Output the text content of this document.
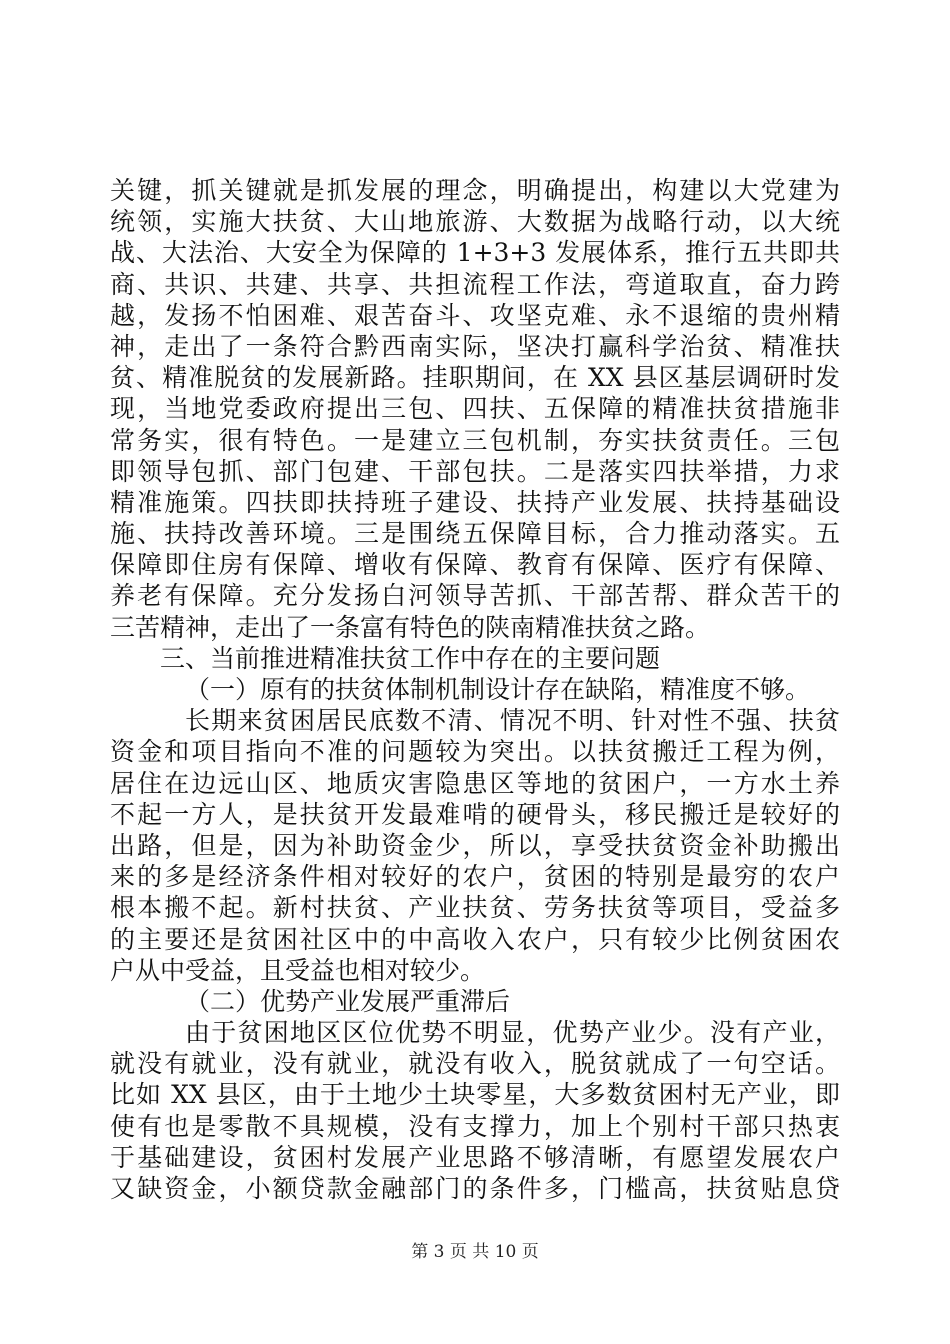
关键，抓关键就是抓发展的理念，明确提出，构建以大党建为
统领，实施大扶贫、大山地旅游、大数据为战略行动，以大统
战、大法治、大安全为保障的 1+3+3 发展体系，推行五共即共
商、共识、共建、共享、共担流程工作法，弯道取直，奋力跨
越，发扬不怕困难、艰苦奋斗、攻坚克难、永不退缩的贵州精
神，走出了一条符合黔西南实际，坚决打赢科学治贫、精准扶
贫、精准脱贫的发展新路。挂职期间，在 XX 县区基层调研时发
现，当地党委政府提出三包、四扶、五保障的精准扶贫措施非
常务实，很有特色。一是建立三包机制，夯实扶贫责任。三包
即领导包抓、部门包建、干部包扶。二是落实四扶举措，力求
精准施策。四扶即扶持班子建设、扶持产业发展、扶持基础设
施、扶持改善环境。三是围绕五保障目标，合力推动落实。五
保障即住房有保障、增收有保障、教育有保障、医疗有保障、
养老有保障。充分发扬白河领导苦抓、干部苦帮、群众苦干的
三苦精神，走出了一条富有特色的陕南精准扶贫之路。
三、当前推进精准扶贫工作中存在的主要问题
（一）原有的扶贫体制机制设计存在缺陷，精准度不够。
长期来贫困居民底数不清、情况不明、针对性不强、扶贫
资金和项目指向不准的问题较为突出。以扶贫搬迁工程为例，
居住在边远山区、地质灾害隐患区等地的贫困户，一方水土养
不起一方人，是扶贫开发最难啃的硬骨头，移民搬迁是较好的
出路，但是，因为补助资金少，所以，享受扶贫资金补助搬出
来的多是经济条件相对较好的农户，贫困的特别是最穷的农户
根本搬不起。新村扶贫、产业扶贫、劳务扶贫等项目，受益多
的主要还是贫困社区中的中高收入农户，只有较少比例贫困农
户从中受益，且受益也相对较少。
（二）优势产业发展严重滞后
由于贫困地区区位优势不明显，优势产业少。没有产业，
就没有就业，没有就业，就没有收入，脱贫就成了一句空话。
比如 XX 县区，由于土地少土块零星，大多数贫困村无产业，即
使有也是零散不具规模，没有支撑力，加上个别村干部只热衷
于基础建设，贫困村发展产业思路不够清晰，有愿望发展农户
又缺资金，小额贷款金融部门的条件多，门槛高，扶贫贴息贷
第 3 页 共 10 页
